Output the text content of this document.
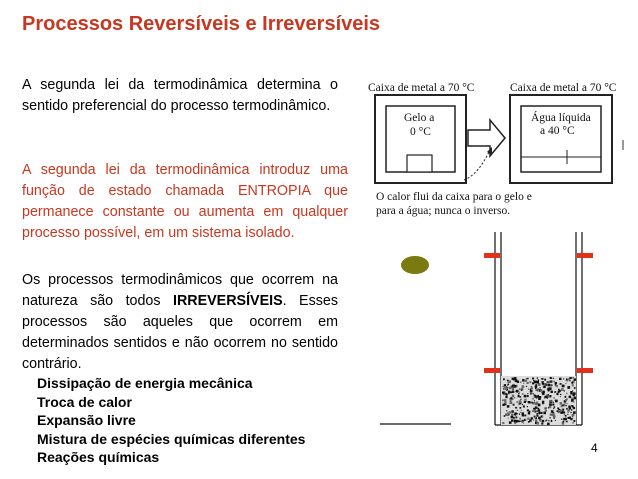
Processos Reversíveis e Irreversíveis
A segunda lei da termodinâmica determina o sentido preferencial do processo termodinâmico.
A segunda lei da termodinâmica introduz uma função de estado chamada ENTROPIA que permanece constante ou aumenta em qualquer processo possível, em um sistema isolado.
Os processos termodinâmicos que ocorrem na natureza são todos IRREVERSÍVEIS. Esses processos são aqueles que ocorrem em determinados sentidos e não ocorrem no sentido contrário.
Dissipação de energia mecânica
Troca de calor
Expansão livre
Mistura de espécies químicas diferentes
Reações químicas
4
Caixa de metal a 70 °C	Caixa de metal a 70 °C
Gelo a
0 °C
Água líquida
a 40 °C
O calor flui da caixa para o gelo e
para a água; nunca o inverso.
